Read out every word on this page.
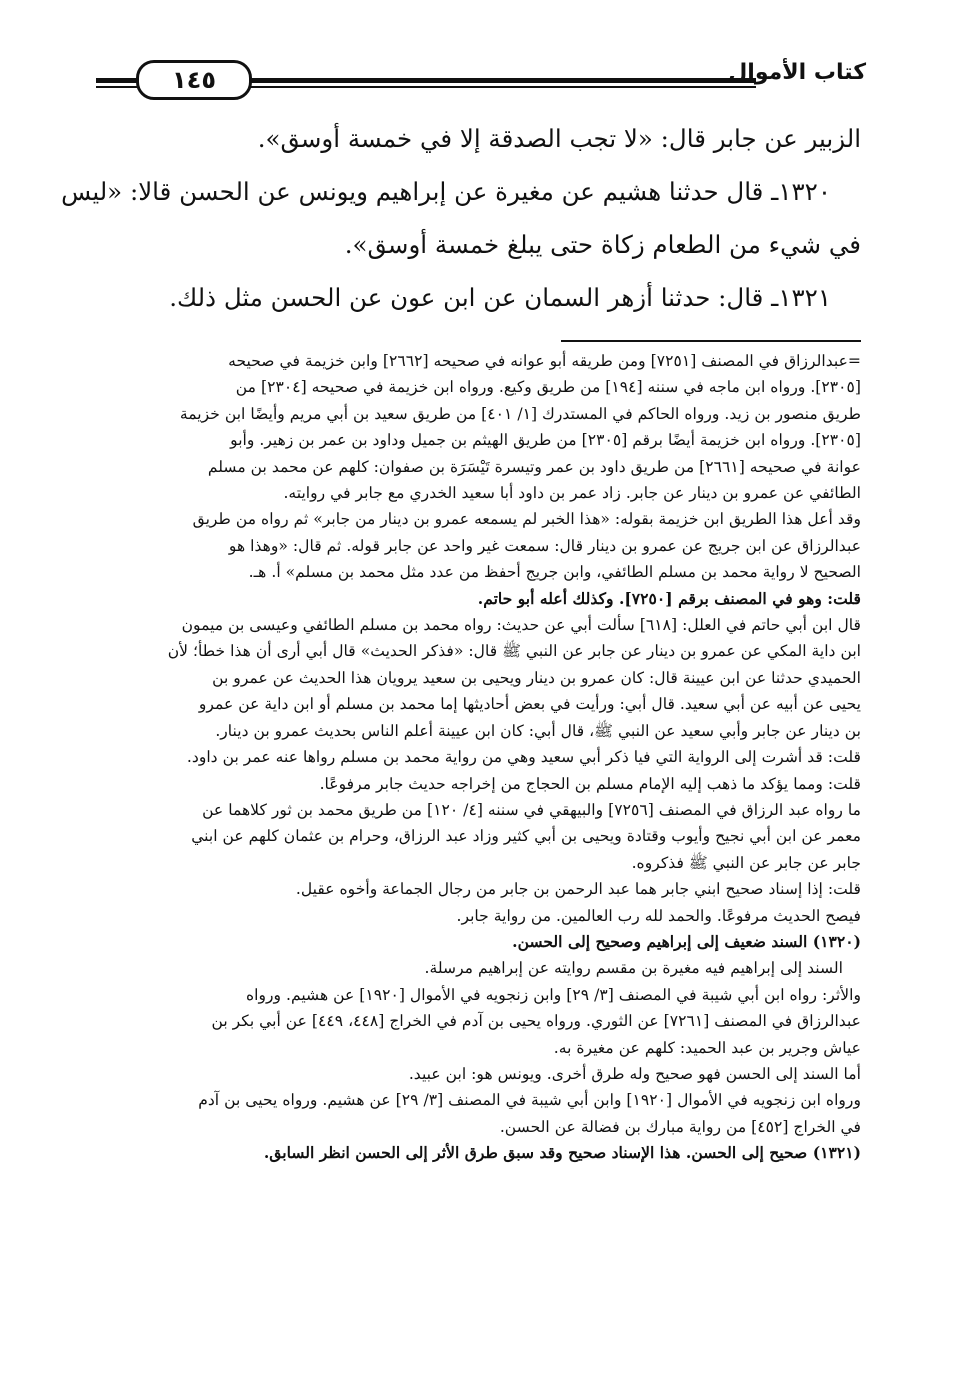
كتاب الأموال
١٤٥

الزبير عن جابر قال: «لا تجب الصدقة إلا في خمسة أوسق».

١٣٢٠ـ قال حدثنا هشيم عن مغيرة عن إبراهيم ويونس عن الحسن قالا: «ليس

في شيء من الطعام زكاة حتى يبلغ خمسة أوسق».

١٣٢١ـ قال: حدثنا أزهر السمان عن ابن عون عن الحسن مثل ذلك.

=عبدالرزاق في المصنف [٧٢٥١] ومن طريقه أبو عوانه في صحيحه [٢٦٦٢] وابن خزيمة في صحيحه
[٢٣٠٥]. ورواه ابن ماجه في سننه [١٩٤] من طريق وكيع. ورواه ابن خزيمة في صحيحه [٢٣٠٤] من
طريق منصور بن زيد. ورواه الحاكم في المستدرك [١/ ٤٠١] من طريق سعيد بن أبي مريم وأيضًا ابن خزيمة
[٢٣٠٥]. ورواه ابن خزيمة أيضًا برقم [٢٣٠٥] من طريق الهيثم بن جميل وداود بن عمر بن زهير. وأبو
عوانة في صحيحه [٢٦٦١] من طريق داود بن عمر وتيسرة تَيْسَرَة بن صفوان: كلهم عن محمد بن مسلم
الطائفي عن عمرو بن دينار عن جابر. زاد عمر بن داود أبا سعيد الخدري مع جابر في روايته.
وقد أعل هذا الطريق ابن خزيمة بقوله: «هذا الخبر لم يسمعه عمرو بن دينار من جابر» ثم رواه من طريق
عبدالرزاق عن ابن جريج عن عمرو بن دينار قال: سمعت غير واحد عن جابر قوله. ثم قال: «وهذا هو
الصحيح لا رواية محمد بن مسلم الطائفي، وابن جريج أحفظ من عدد مثل محمد بن مسلم» أ. هـ.
قلت: وهو في المصنف برقم [٧٢٥٠]. وكذلك أعله أبو حاتم.
قال ابن أبي حاتم في العلل: [٦١٨] سألت أبي عن حديث: رواه محمد بن مسلم الطائفي وعيسى بن ميمون
ابن داية المكي عن عمرو بن دينار عن جابر عن النبي ﷺ قال: «فذكر الحديث» قال أبي أرى أن هذا خطأ؛ لأن
الحميدي حدثنا عن ابن عيينة قال: كان عمرو بن دينار ويحيى بن سعيد يرويان هذا الحديث عن عمرو بن
يحيى عن أبيه عن أبي سعيد. قال أبي: ورأيت في بعض أحاديثها إما محمد بن مسلم أو ابن داية عن عمرو
بن دينار عن جابر وأبي سعيد عن النبي ﷺ، قال أبي: كان ابن عيينة أعلم الناس بحديث عمرو بن دينار.
قلت: قد أشرت إلى الرواية التي فيا ذكر أبي سعيد وهي من رواية محمد بن مسلم رواها عنه عمر بن داود.
قلت: ومما يؤكد ما ذهب إليه الإمام مسلم بن الحجاج من إخراجه حديث جابر مرفوعًا.
ما رواه عبد الرزاق في المصنف [٧٢٥٦] والبيهقي في سننه [٤/ ١٢٠] من طريق محمد بن ثور كلاهما عن
معمر عن ابن أبي نجيح وأيوب وقتادة ويحيى بن أبي كثير وزاد عبد الرزاق، وحرام بن عثمان كلهم عن ابني
جابر عن جابر عن النبي ﷺ فذكروه.
قلت: إذا إسناد صحيح ابني جابر هما عبد الرحمن بن جابر من رجال الجماعة وأخوه عقيل.
فيصح الحديث مرفوعًا. والحمد لله رب العالمين. من رواية جابر.
(١٣٢٠) السند ضعيف إلى إبراهيم وصحيح إلى الحسن.
السند إلى إبراهيم فيه مغيرة بن مقسم روايته عن إبراهيم مرسلة.
والأثر: رواه ابن أبي شيبة في المصنف [٣/ ٢٩] وابن زنجويه في الأموال [١٩٢٠] عن هشيم. ورواه
عبدالرزاق في المصنف [٧٢٦١] عن الثوري. ورواه يحيى بن آدم في الخراج [٤٤٨، ٤٤٩] عن أبي بكر بن
عياش وجرير بن عبد الحميد: كلهم عن مغيرة به.
أما السند إلى الحسن فهو صحيح وله طرق أخرى. ويونس هو: ابن عبيد.
ورواه ابن زنجويه في الأموال [١٩٢٠] وابن أبي شيبة في المصنف [٣/ ٢٩] عن هشيم. ورواه يحيى بن آدم
في الخراج [٤٥٢] من رواية مبارك بن فضالة عن الحسن.
(١٣٢١) صحيح إلى الحسن. هذا الإسناد صحيح وقد سبق طرق الأثر إلى الحسن انظر السابق.
